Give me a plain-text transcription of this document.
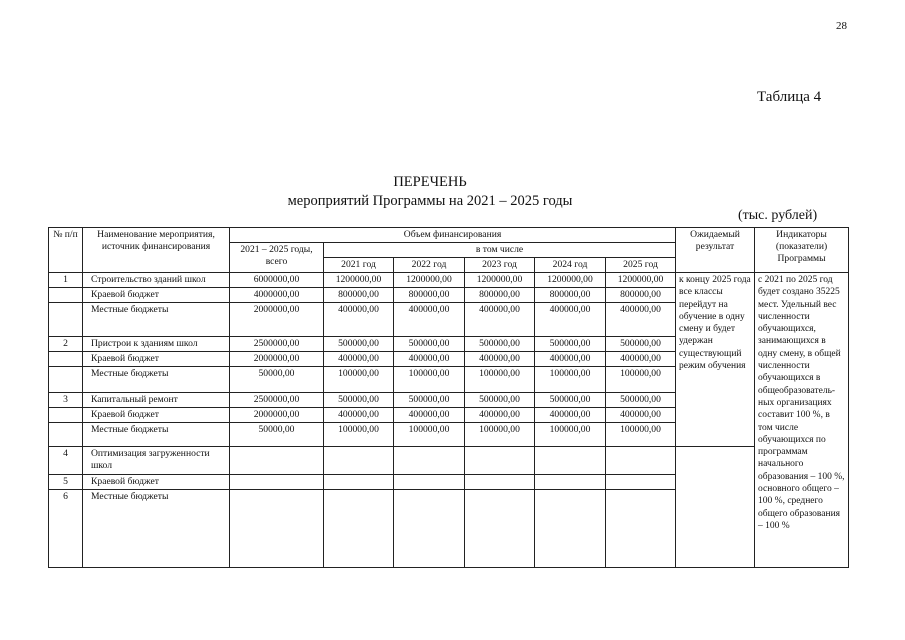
28
Таблица 4
ПЕРЕЧЕНЬ
мероприятий Программы на 2021 – 2025 годы
(тыс. рублей)
№ п/п	Наименование мероприятия, источник финансирования	Объем финансирования						Ожидаемый результат	Индикаторы (показатели) Программы
		2021 – 2025 годы, всего	в том числе						
			2021 год	2022 год	2023 год	2024 год	2025 год		
1	Строительство зданий школ	6000000,00	1200000,00	1200000,00	1200000,00	1200000,00	1200000,00	к концу 2025 года все классы перейдут на обучение в одну смену и будет удержан существующий режим обучения	с 2021 по 2025 год будет создано 35225 мест. Удельный вес численности обучающихся, занимающихся в одну смену, в общей численности обучающихся в общеобразователь-ных организациях составит 100 %, в том числе обучающихся по программам начального образования – 100 %, основного общего – 100 %, среднего общего образования – 100 %
	Краевой бюджет	4000000,00	800000,00	800000,00	800000,00	800000,00	800000,00		
	Местные бюджеты	2000000,00	400000,00	400000,00	400000,00	400000,00	400000,00		
2	Пристрои к зданиям школ	2500000,00	500000,00	500000,00	500000,00	500000,00	500000,00		
	Краевой бюджет	2000000,00	400000,00	400000,00	400000,00	400000,00	400000,00		
	Местные бюджеты	50000,00	100000,00	100000,00	100000,00	100000,00	100000,00		
3	Капитальный ремонт	2500000,00	500000,00	500000,00	500000,00	500000,00	500000,00		
	Краевой бюджет	2000000,00	400000,00	400000,00	400000,00	400000,00	400000,00		
	Местные бюджеты	50000,00	100000,00	100000,00	100000,00	100000,00	100000,00		
4	Оптимизация загруженности школ								
5	Краевой бюджет								
6	Местные бюджеты								
